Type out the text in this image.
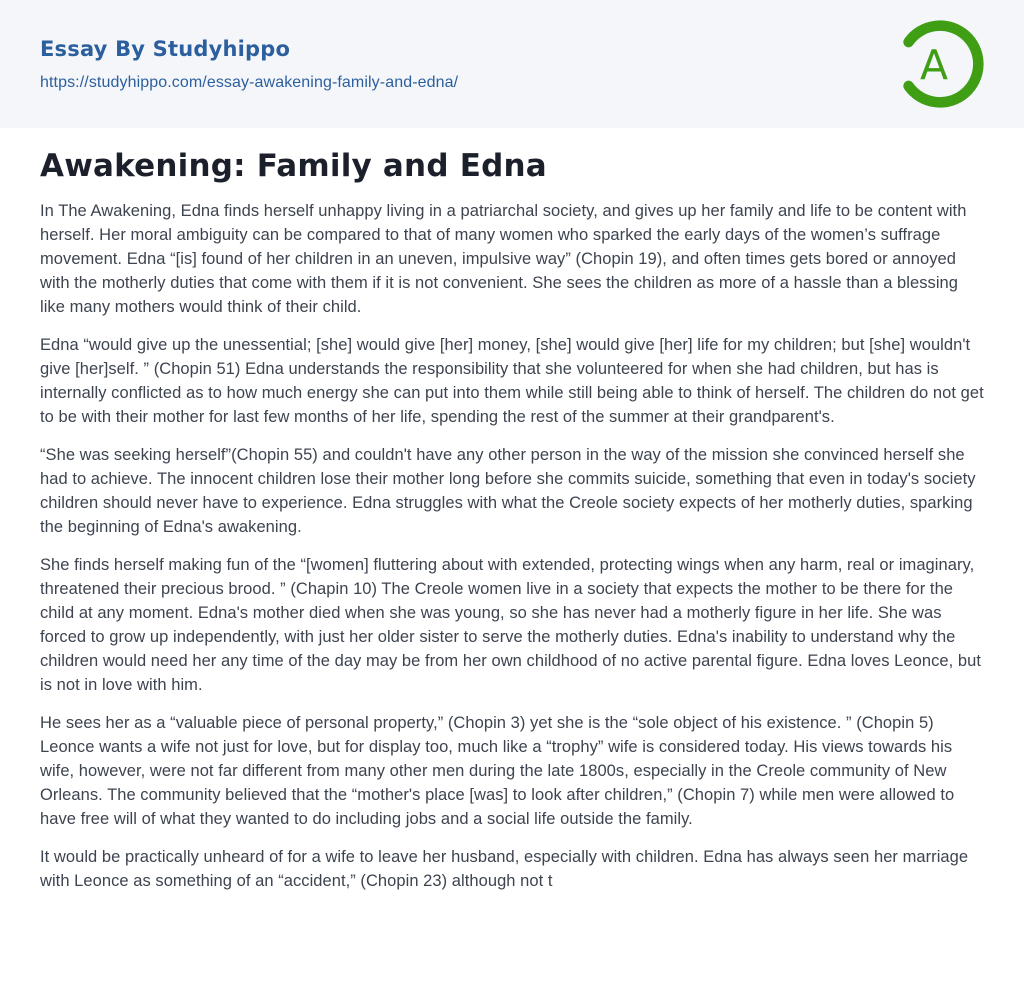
Essay By Studyhippo
https://studyhippo.com/essay-awakening-family-and-edna/	A
Awakening: Family and Edna

In The Awakening, Edna finds herself unhappy living in a patriarchal society, and gives up her family and life to be content with herself. Her moral ambiguity can be compared to that of many women who sparked the early days of the women’s suffrage movement. Edna “[is] found of her children in an uneven, impulsive way” (Chopin 19), and often times gets bored or annoyed with the motherly duties that come with them if it is not convenient. She sees the children as more of a hassle than a blessing like many mothers would think of their child.

Edna “would give up the unessential; [she] would give [her] money, [she] would give [her] life for my children; but [she] wouldn't give [her]self. ” (Chopin 51) Edna understands the responsibility that she volunteered for when she had children, but has is internally conflicted as to how much energy she can put into them while still being able to think of herself. The children do not get to be with their mother for last few months of her life, spending the rest of the summer at their grandparent's.

“She was seeking herself”(Chopin 55) and couldn't have any other person in the way of the mission she convinced herself she had to achieve. The innocent children lose their mother long before she commits suicide, something that even in today's society children should never have to experience. Edna struggles with what the Creole society expects of her motherly duties, sparking the beginning of Edna's awakening.

She finds herself making fun of the “[women] fluttering about with extended, protecting wings when any harm, real or imaginary, threatened their precious brood. ” (Chapin 10) The Creole women live in a society that expects the mother to be there for the child at any moment. Edna's mother died when she was young, so she has never had a motherly figure in her life. She was forced to grow up independently, with just her older sister to serve the motherly duties. Edna's inability to understand why the children would need her any time of the day may be from her own childhood of no active parental figure. Edna loves Leonce, but is not in love with him.

He sees her as a “valuable piece of personal property,” (Chopin 3) yet she is the “sole object of his existence. ” (Chopin 5) Leonce wants a wife not just for love, but for display too, much like a “trophy” wife is considered today. His views towards his wife, however, were not far different from many other men during the late 1800s, especially in the Creole community of New Orleans. The community believed that the “mother's place [was] to look after children,” (Chopin 7) while men were allowed to have free will of what they wanted to do including jobs and a social life outside the family.

It would be practically unheard of for a wife to leave her husband, especially with children. Edna has always seen her marriage with Leonce as something of an “accident,” (Chopin 23) although not t
